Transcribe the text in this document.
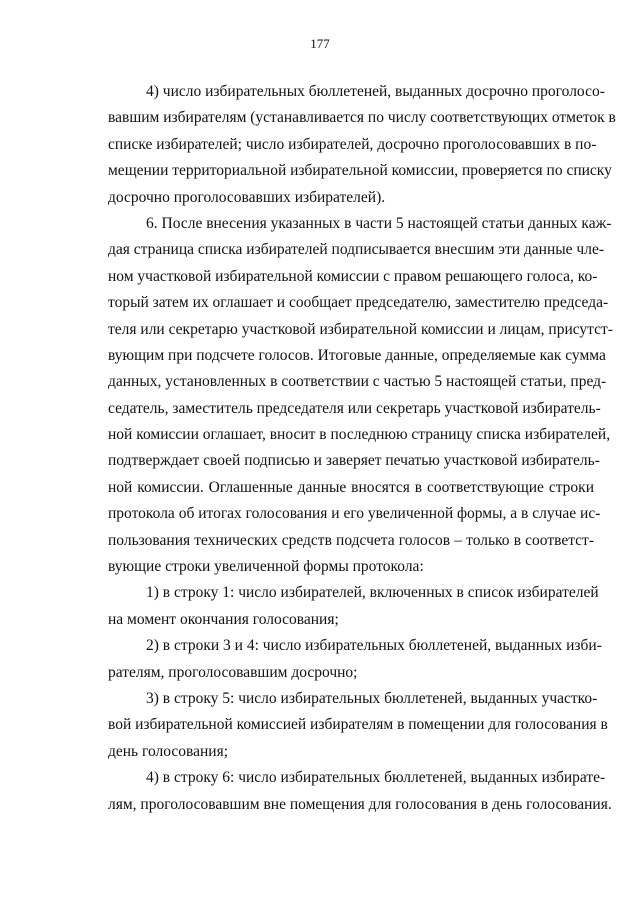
177
4) число избирательных бюллетеней, выданных досрочно проголосо-
вавшим избирателям (устанавливается по числу соответствующих отметок в
списке избирателей; число избирателей, досрочно проголосовавших в по-
мещении территориальной избирательной комиссии, проверяется по списку
досрочно проголосовавших избирателей).
6. После внесения указанных в части 5 настоящей статьи данных каж-
дая страница списка избирателей подписывается внесшим эти данные чле-
ном участковой избирательной комиссии с правом решающего голоса, ко-
торый затем их оглашает и сообщает председателю, заместителю председа-
теля или секретарю участковой избирательной комиссии и лицам, присутст-
вующим при подсчете голосов. Итоговые данные, определяемые как сумма
данных, установленных в соответствии с частью 5 настоящей статьи, пред-
седатель, заместитель председателя или секретарь участковой избиратель-
ной комиссии оглашает, вносит в последнюю страницу списка избирателей,
подтверждает своей подписью и заверяет печатью участковой избиратель-
ной комиссии. Оглашенные данные вносятся в соответствующие строки
протокола об итогах голосования и его увеличенной формы, а в случае ис-
пользования технических средств подсчета голосов – только в соответст-
вующие строки увеличенной формы протокола:
1) в строку 1: число избирателей, включенных в список избирателей
на момент окончания голосования;
2) в строки 3 и 4: число избирательных бюллетеней, выданных изби-
рателям, проголосовавшим досрочно;
3) в строку 5: число избирательных бюллетеней, выданных участко-
вой избирательной комиссией избирателям в помещении для голосования в
день голосования;
4) в строку 6: число избирательных бюллетеней, выданных избирате-
лям, проголосовавшим вне помещения для голосования в день голосования.
